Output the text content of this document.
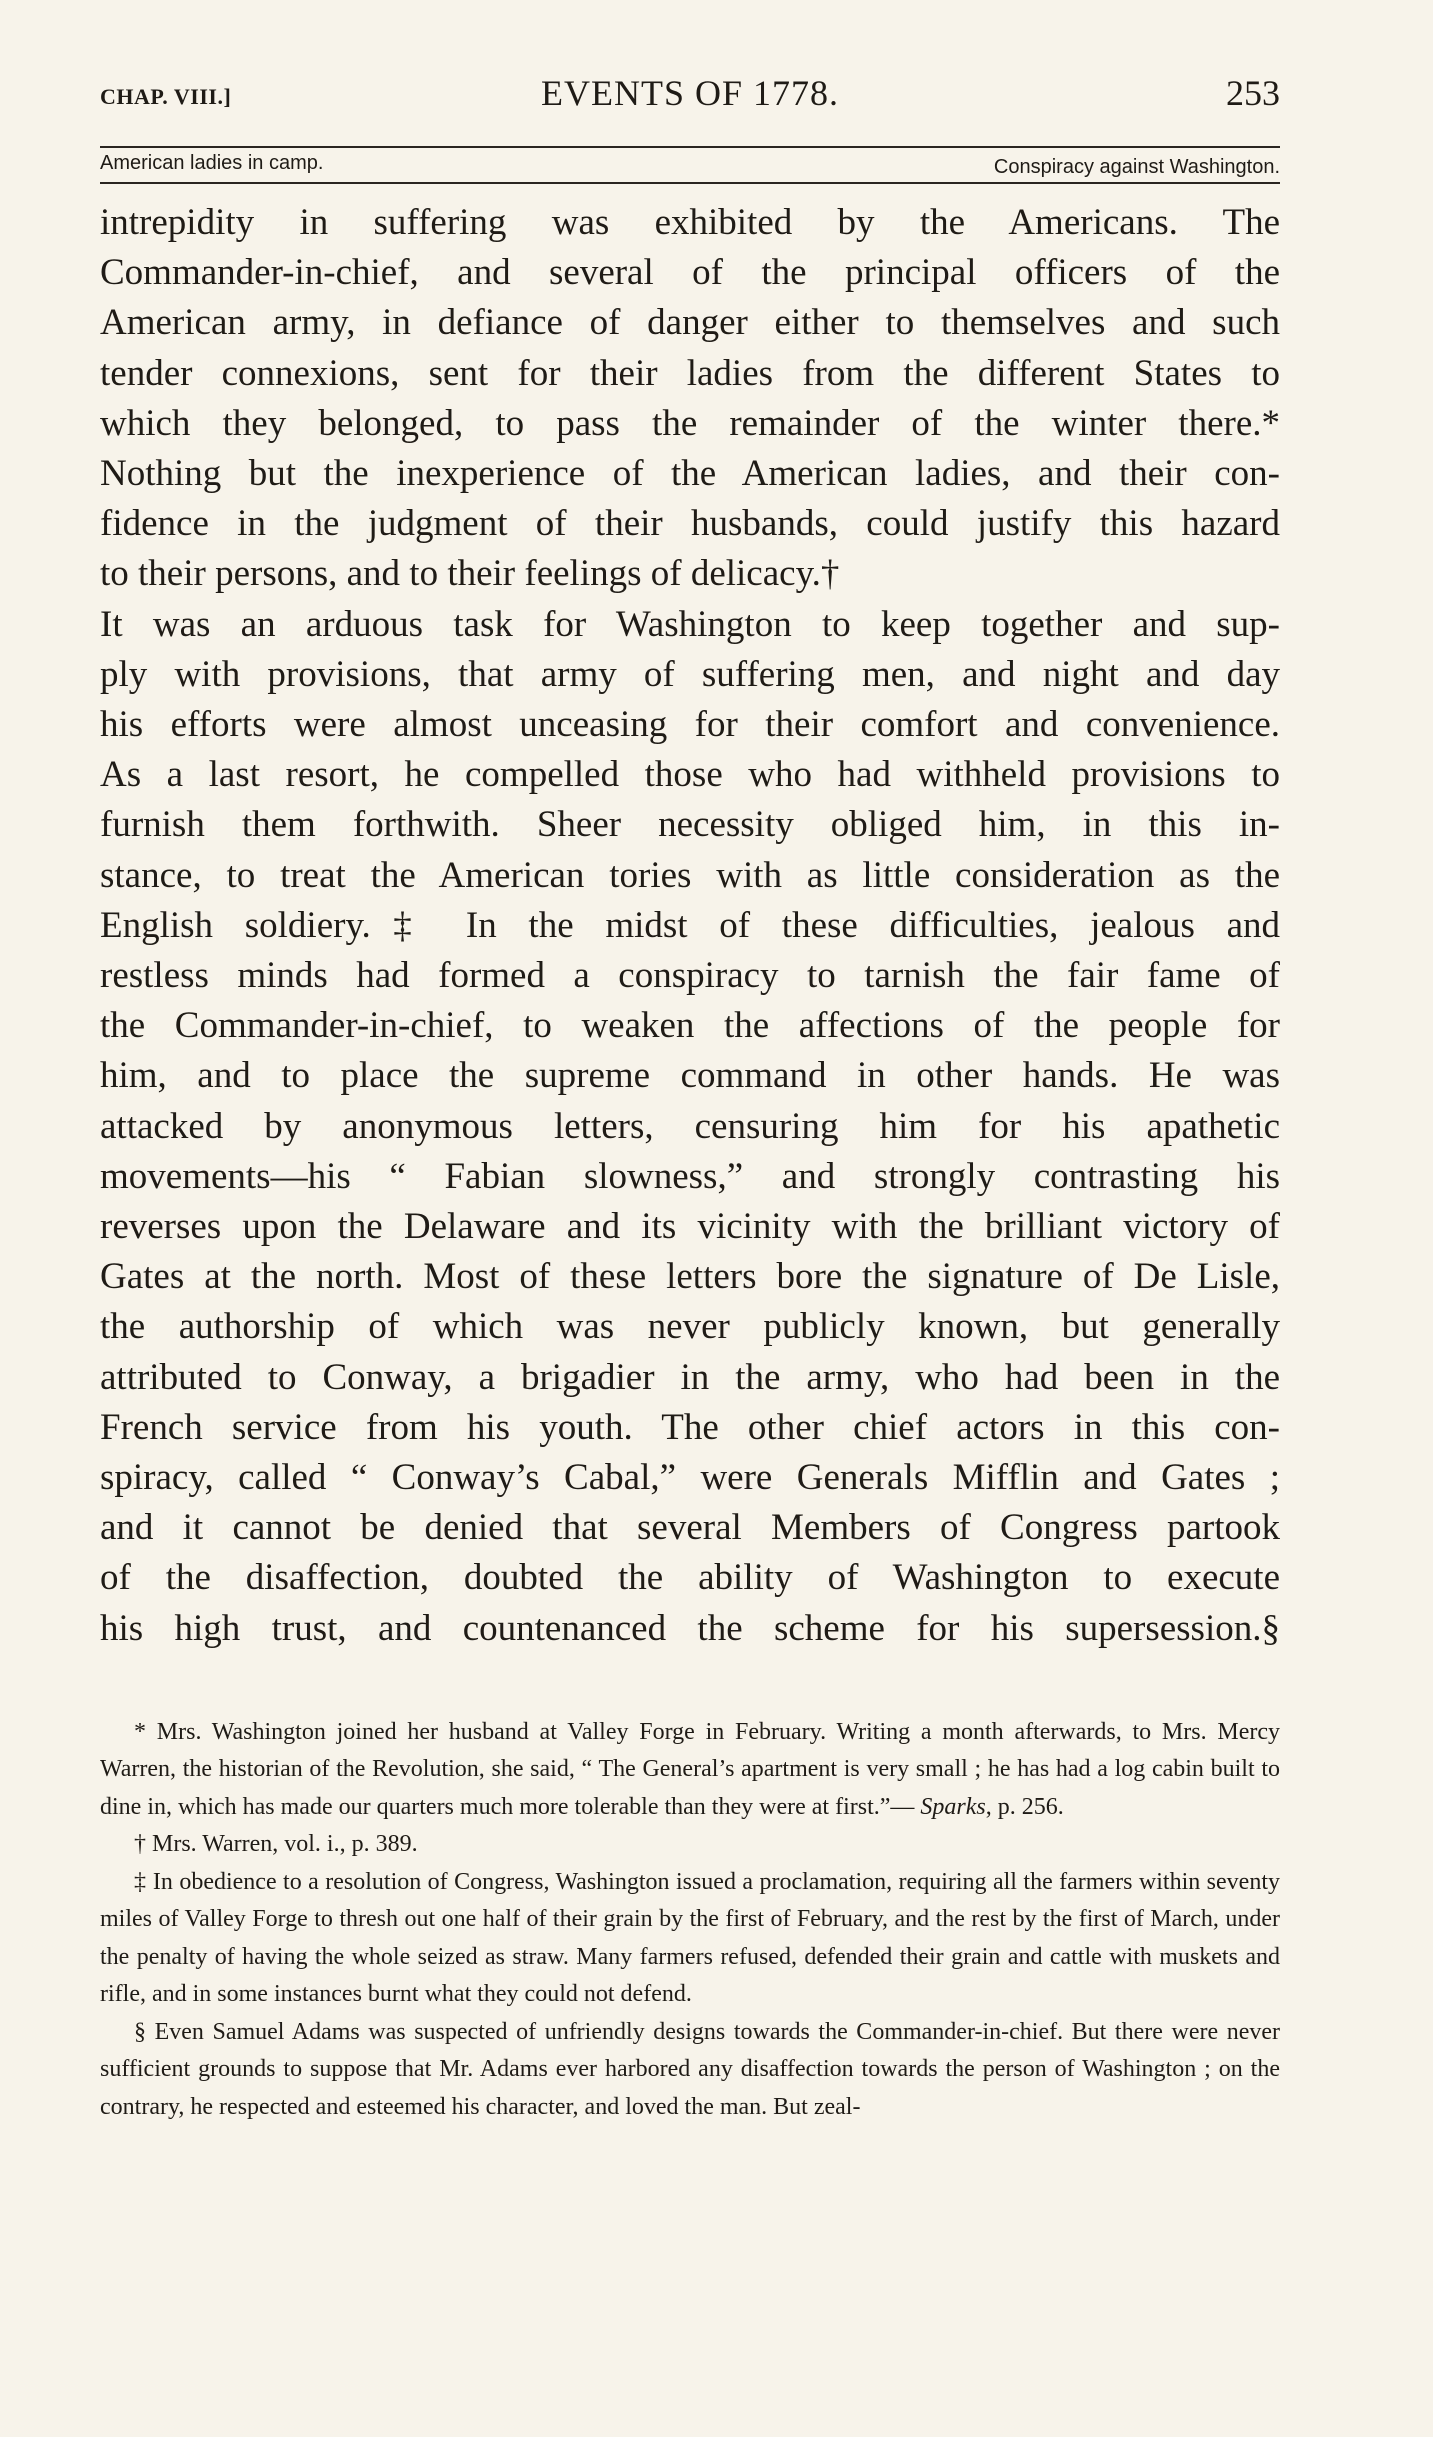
CHAP. VIII.]	EVENTS OF 1778.	253
American ladies in camp.	Conspiracy against Washington.

intrepidity in suffering was exhibited by the Americans. The

Commander-in-chief, and several of the principal officers of the

American army, in defiance of danger either to themselves and such

tender connexions, sent for their ladies from the different States to

which they belonged, to pass the remainder of the winter there.*

Nothing but the inexperience of the American ladies, and their con-

fidence in the judgment of their husbands, could justify this hazard

to their persons, and to their feelings of delicacy.†

It was an arduous task for Washington to keep together and sup-

ply with provisions, that army of suffering men, and night and day

his efforts were almost unceasing for their comfort and convenience.

As a last resort, he compelled those who had withheld provisions to

furnish them forthwith. Sheer necessity obliged him, in this in-

stance, to treat the American tories with as little consideration as the

English soldiery.‡ In the midst of these difficulties, jealous and

restless minds had formed a conspiracy to tarnish the fair fame of

the Commander-in-chief, to weaken the affections of the people for

him, and to place the supreme command in other hands. He was

attacked by anonymous letters, censuring him for his apathetic

movements—his “ Fabian slowness,” and strongly contrasting his

reverses upon the Delaware and its vicinity with the brilliant victory of

Gates at the north. Most of these letters bore the signature of De Lisle,

the authorship of which was never publicly known, but generally

attributed to Conway, a brigadier in the army, who had been in the

French service from his youth. The other chief actors in this con-

spiracy, called “ Conway’s Cabal,” were Generals Mifflin and Gates ;

and it cannot be denied that several Members of Congress partook

of the disaffection, doubted the ability of Washington to execute

his high trust, and countenanced the scheme for his supersession.§

* Mrs. Washington joined her husband at Valley Forge in February. Writing a month afterwards, to Mrs. Mercy Warren, the historian of the Revolution, she said, “ The General’s apartment is very small ; he has had a log cabin built to dine in, which has made our quarters much more tolerable than they were at first.”— Sparks, p. 256.

† Mrs. Warren, vol. i., p. 389.

‡ In obedience to a resolution of Congress, Washington issued a proclamation, requiring all the farmers within seventy miles of Valley Forge to thresh out one half of their grain by the first of February, and the rest by the first of March, under the penalty of having the whole seized as straw. Many farmers refused, defended their grain and cattle with muskets and rifle, and in some instances burnt what they could not defend.

§ Even Samuel Adams was suspected of unfriendly designs towards the Commander-in-chief. But there were never sufficient grounds to suppose that Mr. Adams ever harbored any disaffection towards the person of Washington ; on the contrary, he respected and esteemed his character, and loved the man. But zeal-
